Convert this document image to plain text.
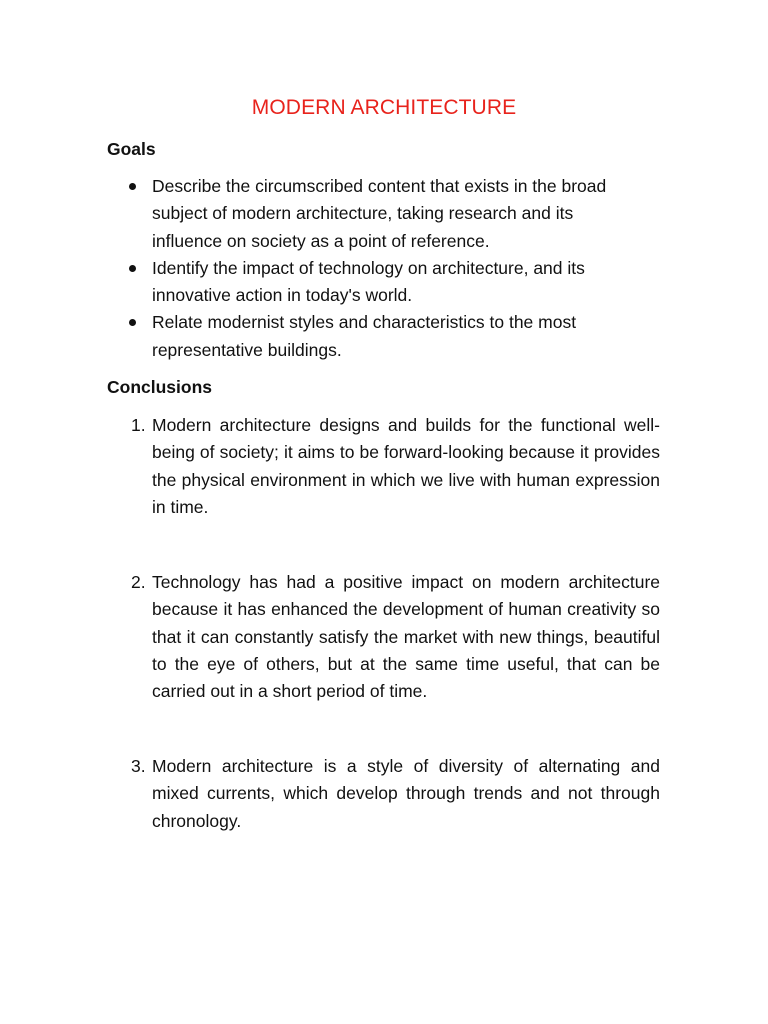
MODERN ARCHITECTURE
Goals
Describe the circumscribed content that exists in the broad subject of modern architecture, taking research and its influence on society as a point of reference.
Identify the impact of technology on architecture, and its innovative action in today's world.
Relate modernist styles and characteristics to the most representative buildings.
Conclusions
1. Modern architecture designs and builds for the functional well-being of society; it aims to be forward-looking because it provides the physical environment in which we live with human expression in time.
2. Technology has had a positive impact on modern architecture because it has enhanced the development of human creativity so that it can constantly satisfy the market with new things, beautiful to the eye of others, but at the same time useful, that can be carried out in a short period of time.
3. Modern architecture is a style of diversity of alternating and mixed currents, which develop through trends and not through chronology.
